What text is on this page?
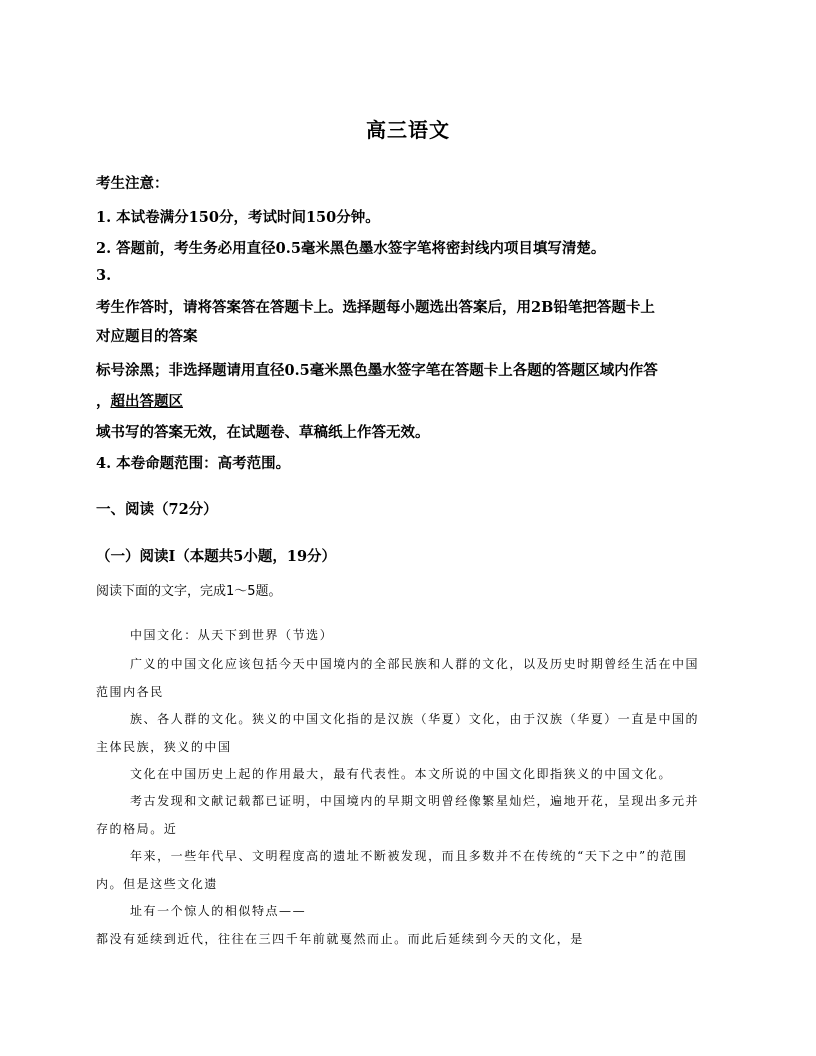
高三语文
考生注意：
1. 本试卷满分150分，考试时间150分钟。
2. 答题前，考生务必用直径0.5毫米黑色墨水签字笔将密封线内项目填写清楚。
3.
考生作答时，请将答案答在答题卡上。选择题每小题选出答案后，用2B铅笔把答题卡上
对应题目的答案
标号涂黑；非选择题请用直径0.5毫米黑色墨水签字笔在答题卡上各题的答题区域内作答
，超出答题区
域书写的答案无效，在试题卷、草稿纸上作答无效。
4. 本卷命题范围：高考范围。
一、阅读（72分）
（一）阅读Ⅰ（本题共5小题，19分）
阅读下面的文字，完成1～5题。
中国文化：从天下到世界（节选）
广义的中国文化应该包括今天中国境内的全部民族和人群的文化，以及历史时期曾经生活在中国
范围内各民
族、各人群的文化。狭义的中国文化指的是汉族（华夏）文化，由于汉族（华夏）一直是中国的
主体民族，狭义的中国
文化在中国历史上起的作用最大，最有代表性。本文所说的中国文化即指狭义的中国文化。
考古发现和文献记载都已证明，中国境内的早期文明曾经像繁星灿烂，遍地开花，呈现出多元并
存的格局。近
年来，一些年代早、文明程度高的遗址不断被发现，而且多数并不在传统的“天下之中”的范围
内。但是这些文化遗
址有一个惊人的相似特点——
都没有延续到近代，往往在三四千年前就戛然而止。而此后延续到今天的文化，是
